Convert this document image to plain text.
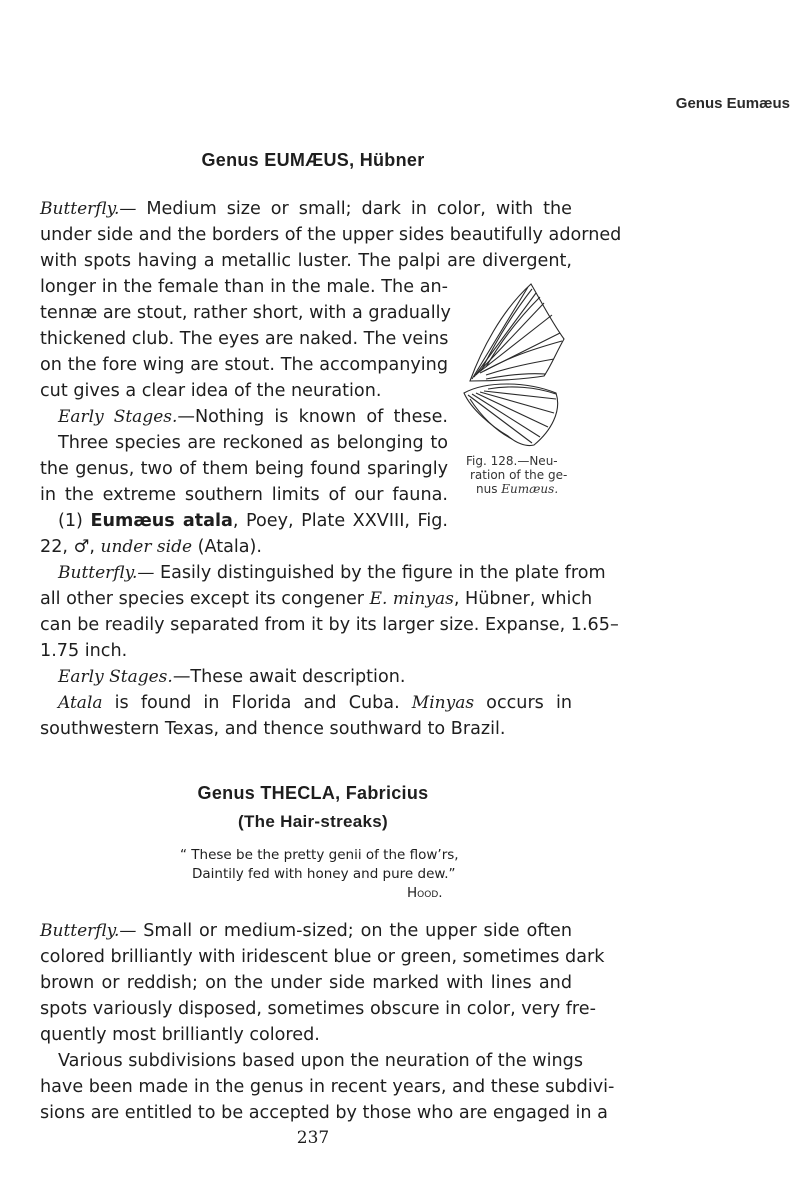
Genus Eumæus
Genus EUMÆUS, Hübner
Butterfly.— Medium size or small; dark in color, with the
under side and the borders of the upper sides beautifully adorned
with spots having a metallic luster. The palpi are divergent,
longer in the female than in the male. The an-
tennæ are stout, rather short, with a gradually
thickened club. The eyes are naked. The veins
on the fore wing are stout. The accompanying
cut gives a clear idea of the neuration.
Early Stages.—Nothing is known of these.
Three species are reckoned as belonging to
the genus, two of them being found sparingly
in the extreme southern limits of our fauna.
(1) Eumæus atala, Poey, Plate XXVIII, Fig.
22, ♂, under side (Atala).
Butterfly.— Easily distinguished by the figure in the plate from
all other species except its congener E. minyas, Hübner, which
can be readily separated from it by its larger size. Expanse, 1.65–
1.75 inch.
Early Stages.—These await description.
Atala is found in Florida and Cuba. Minyas occurs in
southwestern Texas, and thence southward to Brazil.
Fig. 128.—Neu-
ration of the ge-
nus Eumæus.
Genus THECLA, Fabricius
(The Hair-streaks)
“ These be the pretty genii of the flow’rs,
Daintily fed with honey and pure dew.”
Hood.
Butterfly.— Small or medium-sized; on the upper side often
colored brilliantly with iridescent blue or green, sometimes dark
brown or reddish; on the under side marked with lines and
spots variously disposed, sometimes obscure in color, very fre-
quently most brilliantly colored.
Various subdivisions based upon the neuration of the wings
have been made in the genus in recent years, and these subdivi-
sions are entitled to be accepted by those who are engaged in a
237
